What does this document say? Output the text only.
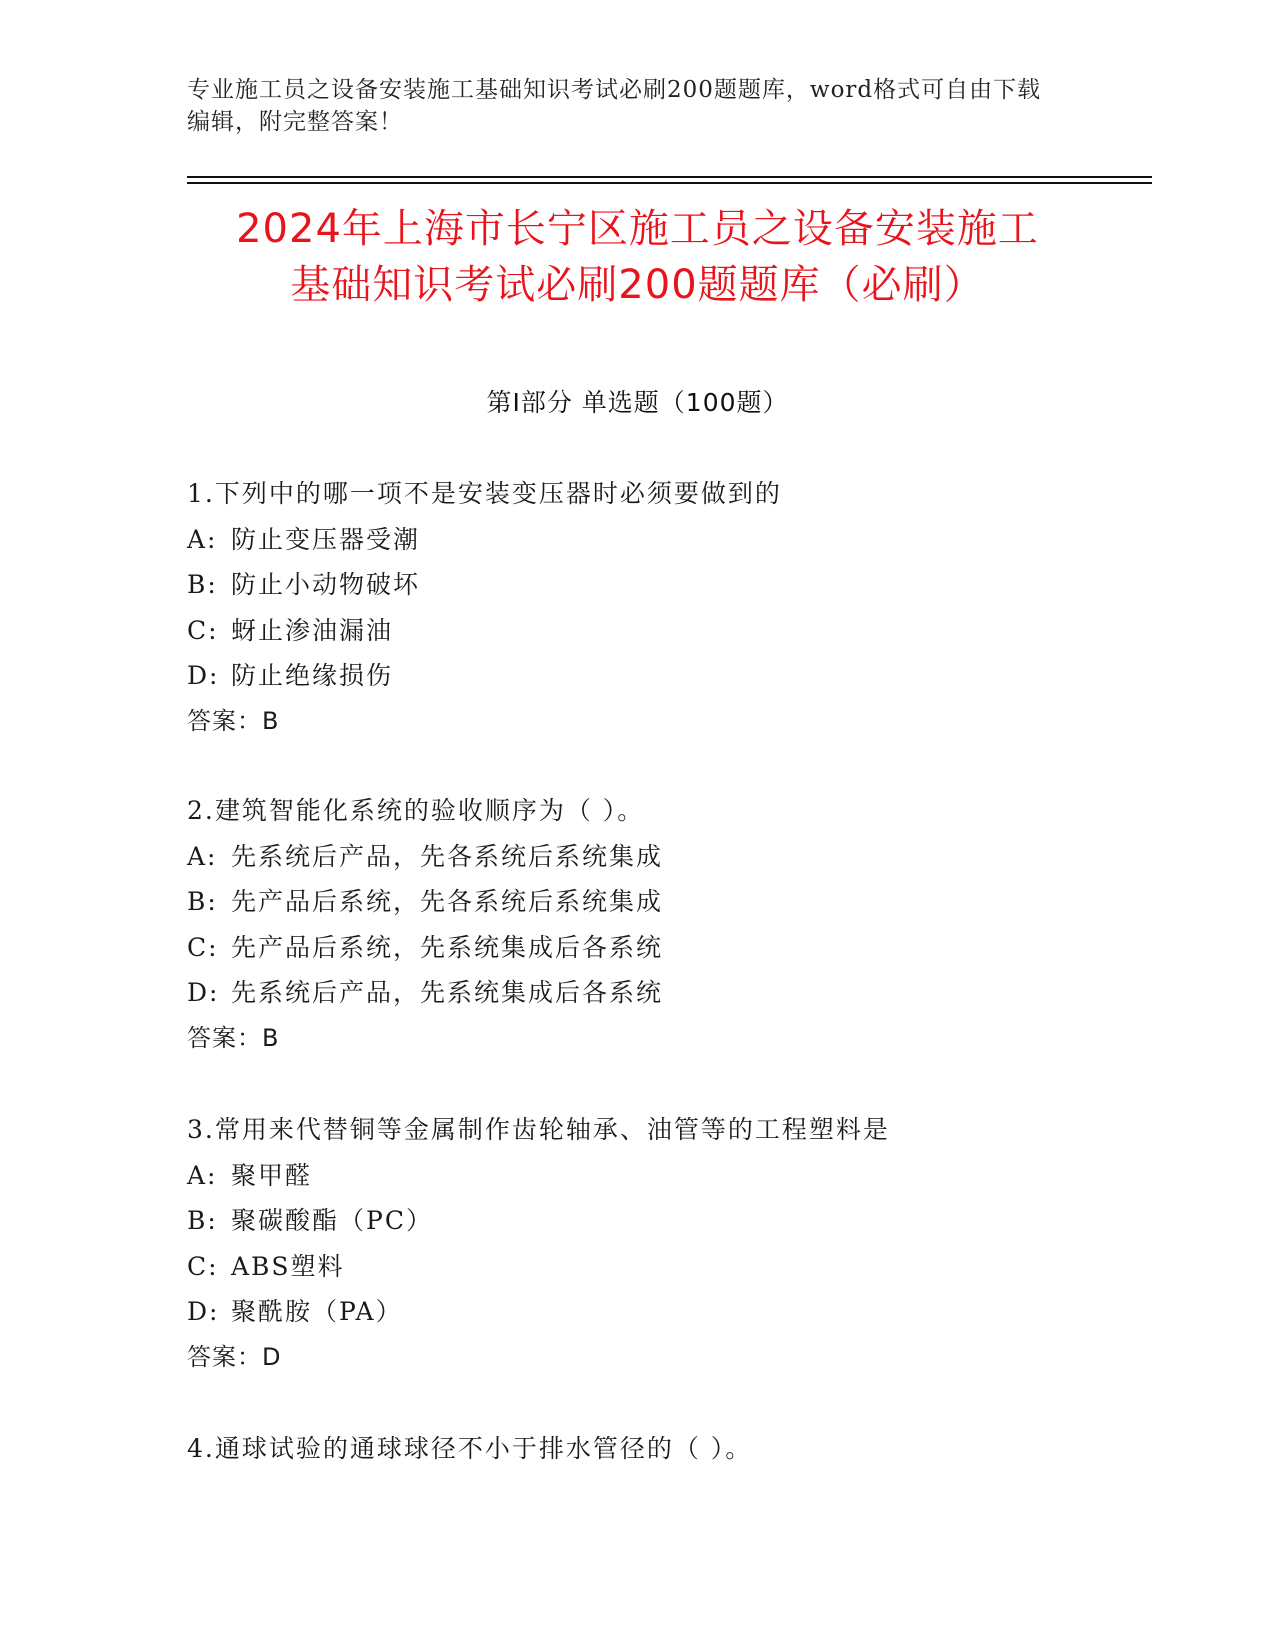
专业施工员之设备安装施工基础知识考试必刷200题题库，word格式可自由下载
编辑，附完整答案！
2024年上海市长宁区施工员之设备安装施工
基础知识考试必刷200题题库（必刷）
第I部分 单选题（100题）
1.下列中的哪一项不是安装变压器时必须要做到的
A: 防止变压器受潮
B: 防止小动物破坏
C: 蚜止渗油漏油
D: 防止绝缘损伤
答案：B
2.建筑智能化系统的验收顺序为（ ）。
A: 先系统后产品，先各系统后系统集成
B: 先产品后系统，先各系统后系统集成
C: 先产品后系统，先系统集成后各系统
D: 先系统后产品，先系统集成后各系统
答案：B
3.常用来代替铜等金属制作齿轮轴承、油管等的工程塑料是
A: 聚甲醛
B: 聚碳酸酯（PC）
C: ABS塑料
D: 聚酰胺（PA）
答案：D
4.通球试验的通球球径不小于排水管径的（ ）。
